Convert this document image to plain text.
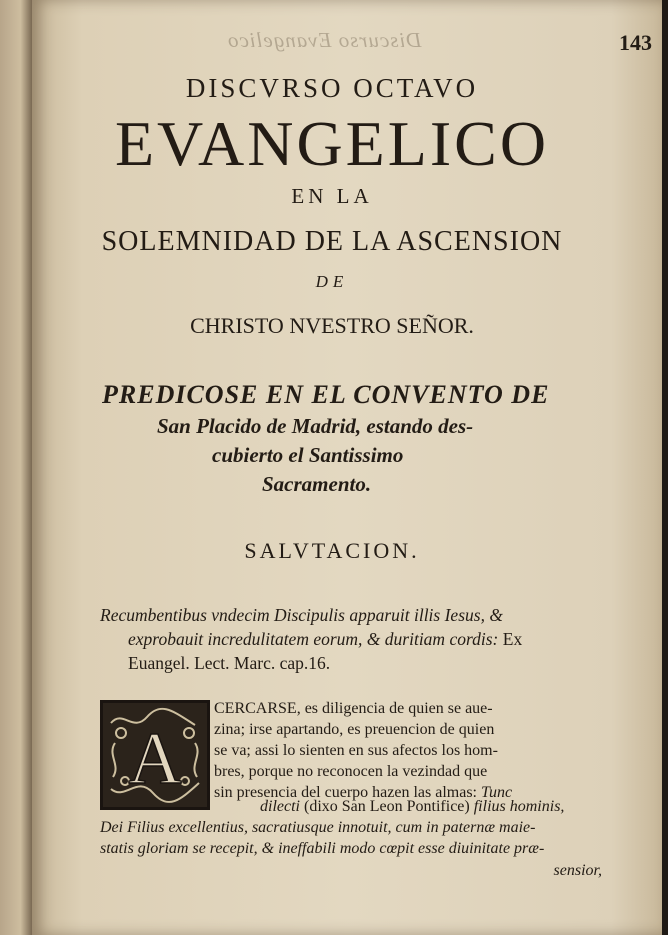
Discurso Evangelico	143
DISCVRSO OCTAVO
EVANGELICO
EN LA
SOLEMNIDAD DE LA ASCENSION
DE
CHRISTO NVESTRO SEÑOR.
PREDICOSE EN EL CONVENTO DE
San Placido de Madrid, estando des-
cubierto el Santissimo
Sacramento.
SALVTACION.
Recumbentibus vndecim Discipulis apparuit illis Iesus, &
exprobauit incredulitatem eorum, & duritiam cordis: Ex
Euangel. Lect. Marc. cap.16.
A
CERCARSE, es diligencia de quien se aue-
zina; irse apartando, es preuencion de quien
se va; assi lo sienten en sus afectos los hom-
bres, porque no reconocen la vezindad que
sin presencia del cuerpo hazen las almas: Tunc
dilecti (dixo San Leon Pontifice) filius hominis,
Dei Filius excellentius, sacratiusque innotuit, cum in paternæ maie-
statis gloriam se recepit, & ineffabili modo cœpit esse diuinitate præ-
sensior,
